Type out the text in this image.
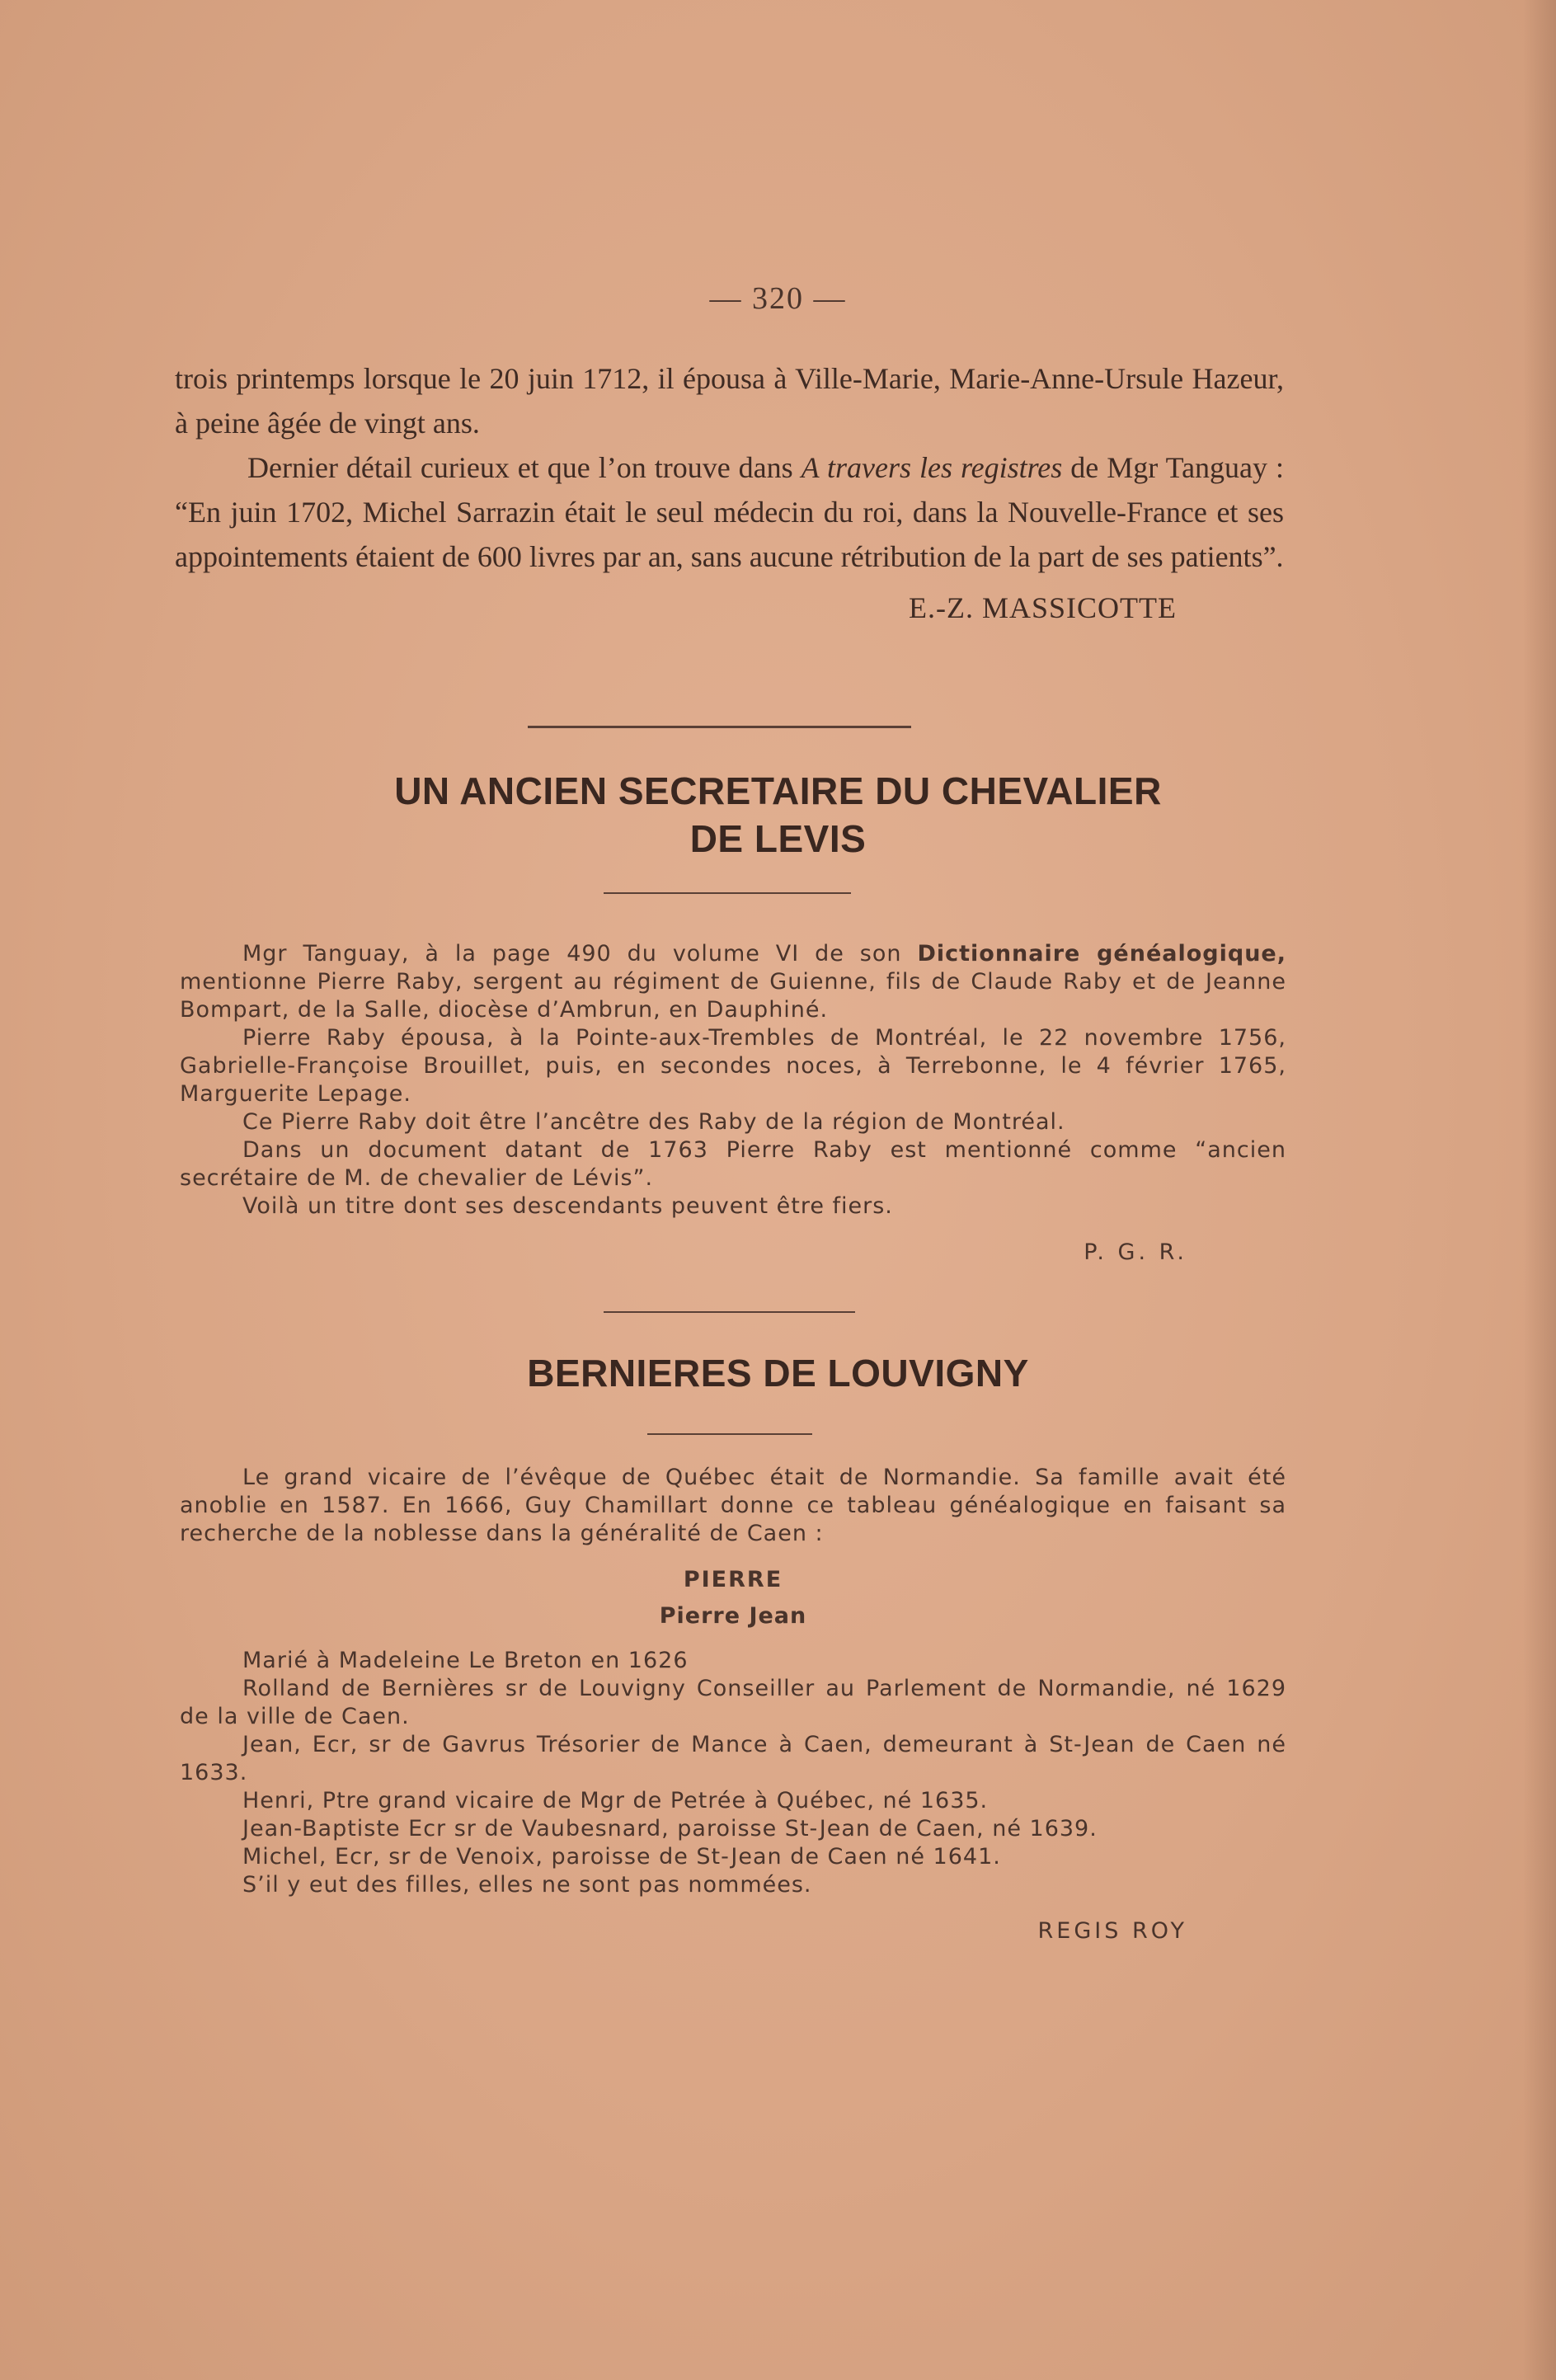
— 320 —

trois printemps lorsque le 20 juin 1712, il épousa à Ville-Marie, Marie-Anne-Ursule Hazeur, à peine âgée de vingt ans.

Dernier détail curieux et que l’on trouve dans A travers les registres de Mgr Tanguay : “En juin 1702, Michel Sarrazin était le seul médecin du roi, dans la Nouvelle-France et ses appointements étaient de 600 livres par an, sans aucune rétribution de la part de ses patients”.

E.-Z. MASSICOTTE

UN ANCIEN SECRETAIRE DU CHEVALIER
DE LEVIS

Mgr Tanguay, à la page 490 du volume VI de son Dictionnaire généalogique, mentionne Pierre Raby, sergent au régiment de Guienne, fils de Claude Raby et de Jeanne Bompart, de la Salle, diocèse d’Ambrun, en Dauphiné.

Pierre Raby épousa, à la Pointe-aux-Trembles de Montréal, le 22 novembre 1756, Gabrielle-Françoise Brouillet, puis, en secondes noces, à Terrebonne, le 4 février 1765, Marguerite Lepage.

Ce Pierre Raby doit être l’ancêtre des Raby de la région de Montréal.

Dans un document datant de 1763 Pierre Raby est mentionné comme “ancien secrétaire de M. de chevalier de Lévis”.

Voilà un titre dont ses descendants peuvent être fiers.

P. G. R.

BERNIERES DE LOUVIGNY

Le grand vicaire de l’évêque de Québec était de Normandie. Sa famille avait été anoblie en 1587. En 1666, Guy Chamillart donne ce tableau généalogique en faisant sa recherche de la noblesse dans la généralité de Caen :

PIERRE

Pierre Jean

Marié à Madeleine Le Breton en 1626

Rolland de Bernières sr de Louvigny Conseiller au Parlement de Normandie, né 1629 de la ville de Caen.

Jean, Ecr, sr de Gavrus Trésorier de Mance à Caen, demeurant à St-Jean de Caen né 1633.

Henri, Ptre grand vicaire de Mgr de Petrée à Québec, né 1635.

Jean-Baptiste Ecr sr de Vaubesnard, paroisse St-Jean de Caen, né 1639.

Michel, Ecr, sr de Venoix, paroisse de St-Jean de Caen né 1641.

S’il y eut des filles, elles ne sont pas nommées.

REGIS ROY
